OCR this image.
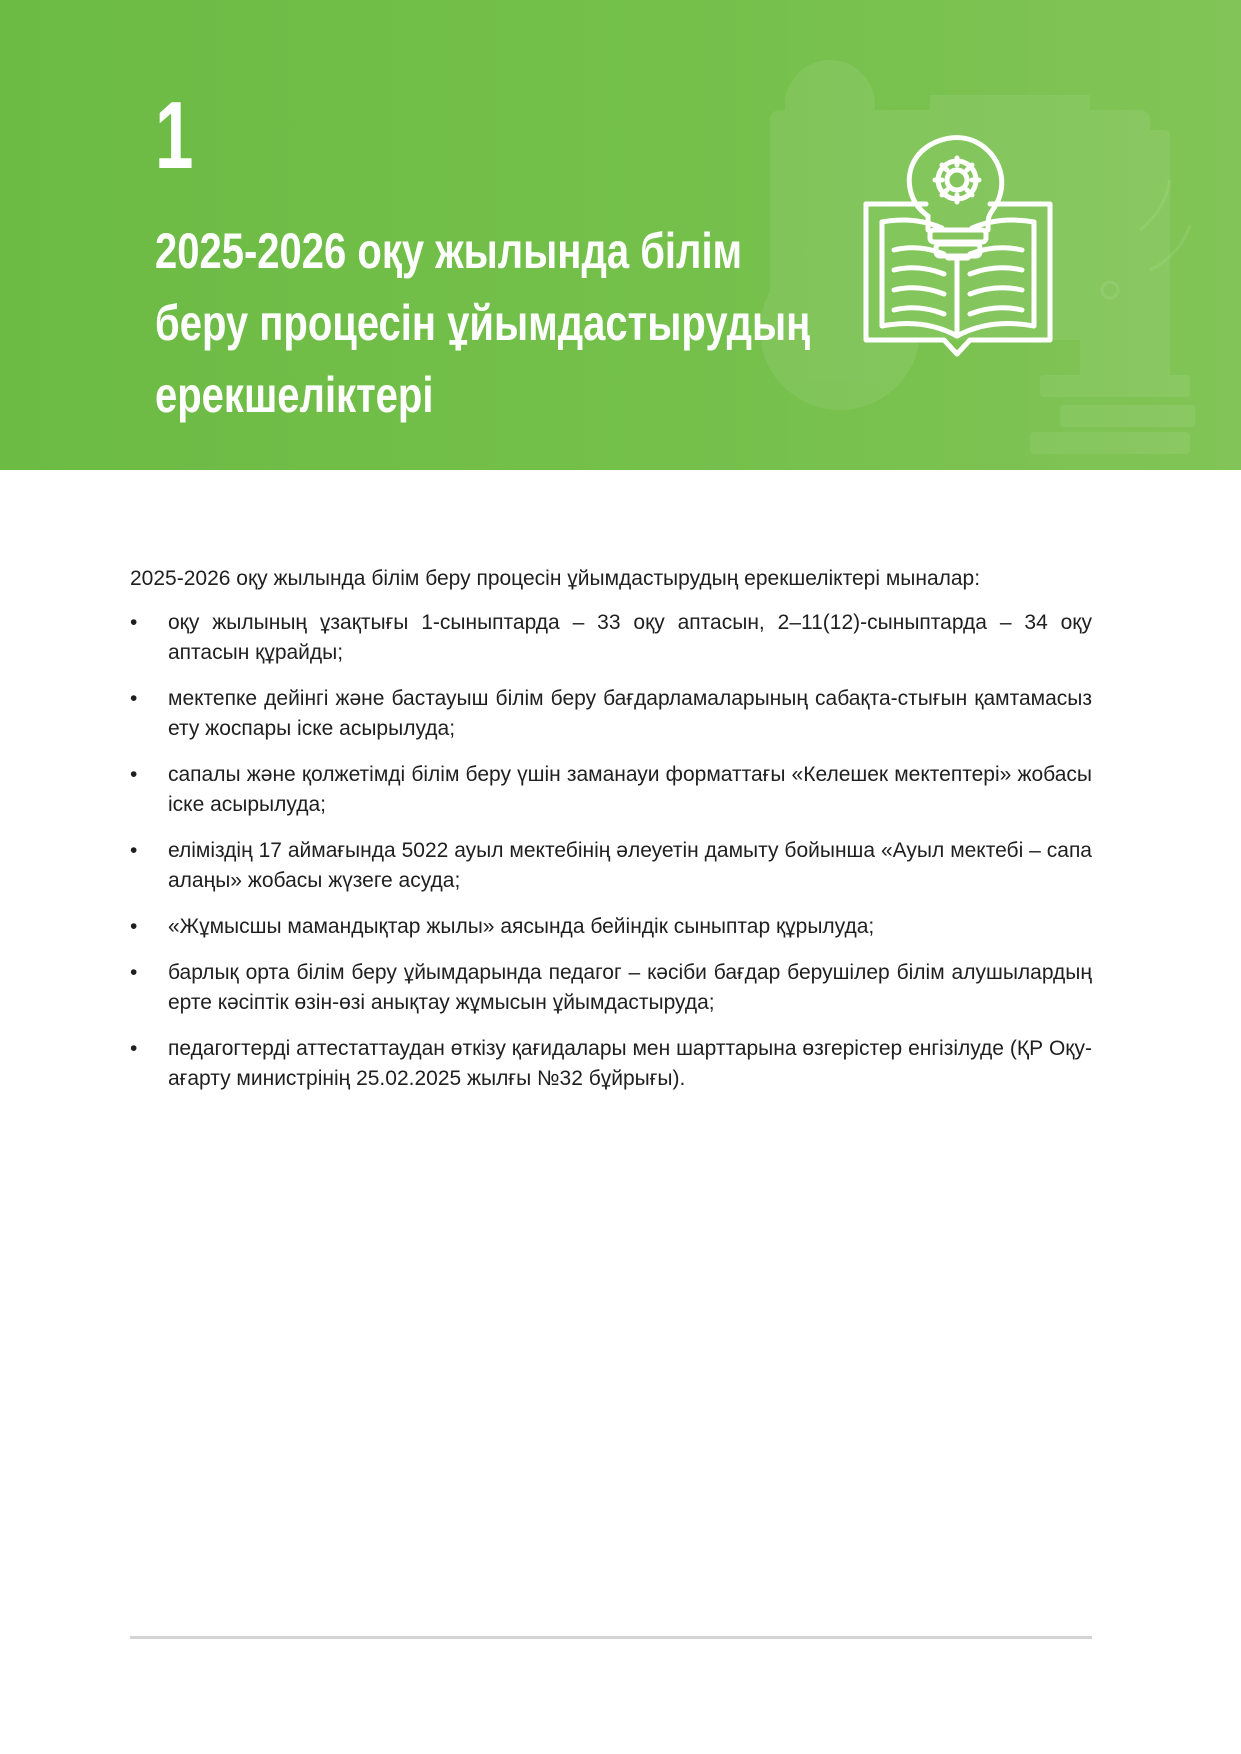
1
2025-2026 оқу жылында білім беру процесін ұйымдастырудың ерекшеліктері

2025-2026 оқу жылында білім беру процесін ұйымдастырудың ерекшеліктері мыналар:

• оқу жылының ұзақтығы 1-сыныптарда – 33 оқу аптасын, 2–11(12)-сыныптарда – 34 оқу аптасын құрайды;
• мектепке дейінгі және бастауыш білім беру бағдарламаларының сабақта-стығын қамтамасыз ету жоспары іске асырылуда;
• сапалы және қолжетімді білім беру үшін заманауи форматтағы «Келешек мектептері» жобасы іске асырылуда;
• еліміздің 17 аймағында 5022 ауыл мектебінің әлеуетін дамыту бойынша «Ауыл мектебі – сапа алаңы» жобасы жүзеге асуда;
• «Жұмысшы мамандықтар жылы» аясында бейіндік сыныптар құрылуда;
• барлық орта білім беру ұйымдарында педагог – кәсіби бағдар берушілер білім алушылардың ерте кәсіптік өзін-өзі анықтау жұмысын ұйымдастыруда;
• педагогтерді аттестаттаудан өткізу қағидалары мен шарттарына өзгерістер енгізілуде (ҚР Оқу-ағарту министрінің 25.02.2025 жылғы №32 бұйрығы).
